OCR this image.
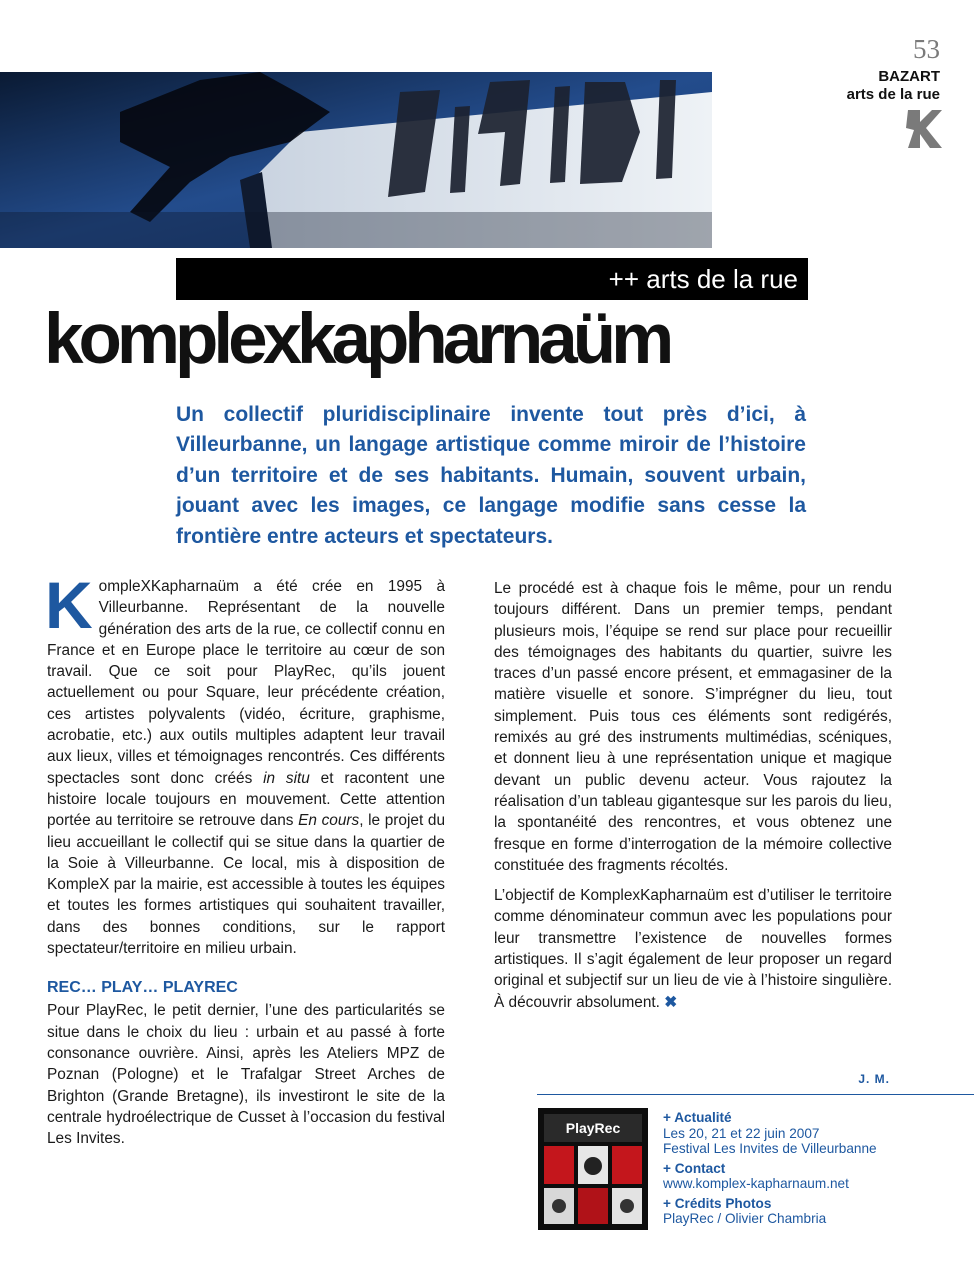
53
BAZART
arts de la rue
++ arts de la rue
komplexkapharnaüm
Un collectif pluridisciplinaire invente tout près d’ici, à Villeurbanne, un langage artistique comme miroir de l’histoire d’un territoire et de ses habitants. Humain, souvent urbain, jouant avec les images, ce langage modifie sans cesse la frontière entre acteurs et spectateurs.

KompleXKapharnaüm a été crée en 1995 à Villeurbanne. Représentant de la nouvelle génération des arts de la rue, ce collectif connu en France et en Europe place le territoire au cœur de son travail. Que ce soit pour PlayRec, qu’ils jouent actuellement ou pour Square, leur précédente création, ces artistes polyvalents (vidéo, écriture, graphisme, acrobatie, etc.) aux outils multiples adaptent leur travail aux lieux, villes et témoignages rencontrés. Ces différents spectacles sont donc créés in situ et racontent une histoire locale toujours en mouvement. Cette attention portée au territoire se retrouve dans En cours, le projet du lieu accueillant le collectif qui se situe dans la quartier de la Soie à Villeurbanne. Ce local, mis à disposition de KompleX par la mairie, est accessible à toutes les équipes et toutes les formes artistiques qui souhaitent travailler, dans des bonnes conditions, sur le rapport spectateur/territoire en milieu urbain.

REC… PLAY… PLAYREC

Pour PlayRec, le petit dernier, l’une des particularités se situe dans le choix du lieu : urbain et au passé à forte consonance ouvrière. Ainsi, après les Ateliers MPZ de Poznan (Pologne) et le Trafalgar Street Arches de Brighton (Grande Bretagne), ils investiront le site de la centrale hydroélectrique de Cusset à l’occasion du festival Les Invites.

Le procédé est à chaque fois le même, pour un rendu toujours différent. Dans un premier temps, pendant plusieurs mois, l’équipe se rend sur place pour recueillir des témoignages des habitants du quartier, suivre les traces d’un passé encore présent, et emmagasiner de la matière visuelle et sonore. S’imprégner du lieu, tout simplement. Puis tous ces éléments sont redigérés, remixés au gré des instruments multimédias, scéniques, et donnent lieu à une représentation unique et magique devant un public devenu acteur. Vous rajoutez la réalisation d’un tableau gigantesque sur les parois du lieu, la spontanéité des rencontres, et vous obtenez une fresque en forme d’interrogation de la mémoire collective constituée des fragments récoltés.

L’objectif de KomplexKapharnaüm est d’utiliser le territoire comme dénominateur commun avec les populations pour leur transmettre l’existence de nouvelles formes artistiques. Il s’agit également de leur proposer un regard original et subjectif sur un lieu de vie à l’histoire singulière. À découvrir absolument. ✖

J. M.
PlayRec
+ Actualité
Les 20, 21 et 22 juin 2007
Festival Les Invites de Villeurbanne
+ Contact
www.komplex-kapharnaum.net
+ Crédits Photos
PlayRec / Olivier Chambria
